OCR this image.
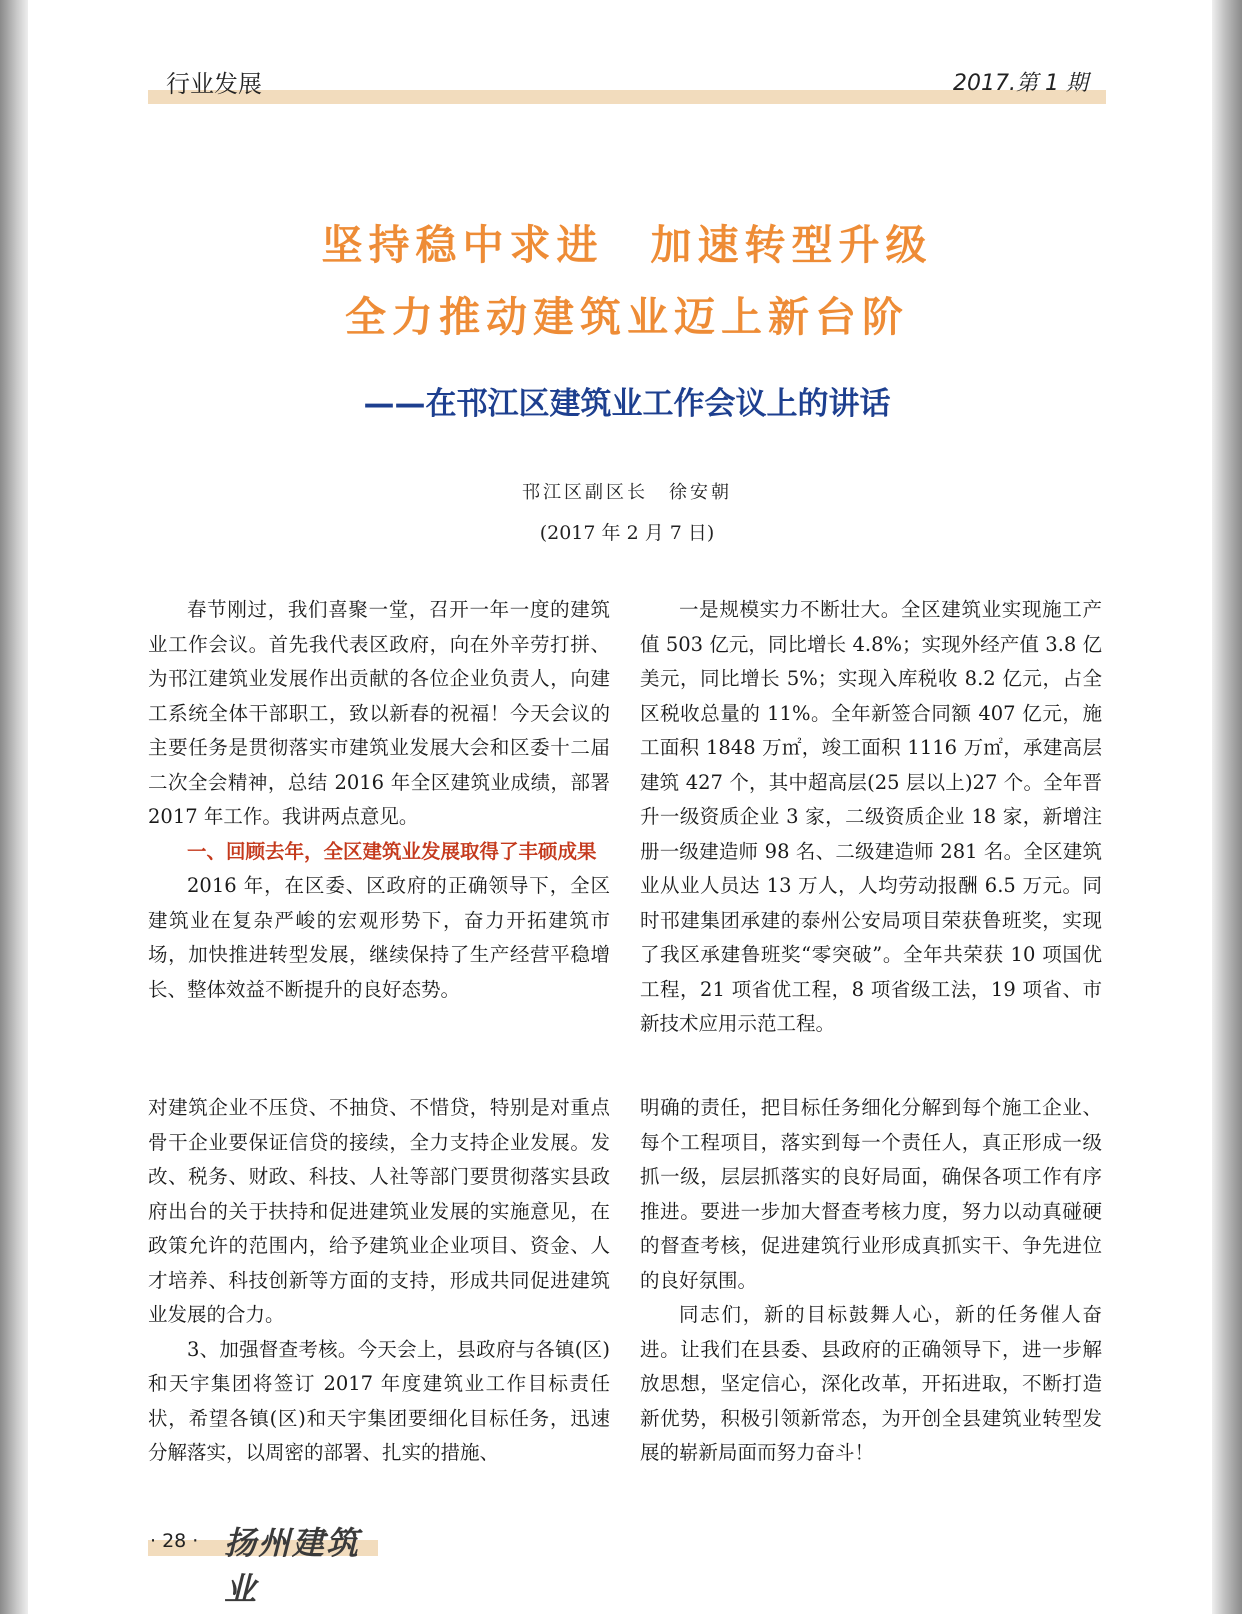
行业发展	2017.第 1 期
坚持稳中求进　加速转型升级
全力推动建筑业迈上新台阶
——在邗江区建筑业工作会议上的讲话
邗江区副区长　徐安朝
(2017 年 2 月 7 日)

春节刚过，我们喜聚一堂，召开一年一度的建筑业工作会议。首先我代表区政府，向在外辛劳打拼、为邗江建筑业发展作出贡献的各位企业负责人，向建工系统全体干部职工，致以新春的祝福！今天会议的主要任务是贯彻落实市建筑业发展大会和区委十二届二次全会精神，总结 2016 年全区建筑业成绩，部署 2017 年工作。我讲两点意见。

一、回顾去年，全区建筑业发展取得了丰硕成果

2016 年，在区委、区政府的正确领导下，全区建筑业在复杂严峻的宏观形势下，奋力开拓建筑市场，加快推进转型发展，继续保持了生产经营平稳增长、整体效益不断提升的良好态势。

一是规模实力不断壮大。全区建筑业实现施工产值 503 亿元，同比增长 4.8%；实现外经产值 3.8 亿美元，同比增长 5%；实现入库税收 8.2 亿元，占全区税收总量的 11%。全年新签合同额 407 亿元，施工面积 1848 万㎡，竣工面积 1116 万㎡，承建高层建筑 427 个，其中超高层(25 层以上)27 个。全年晋升一级资质企业 3 家，二级资质企业 18 家，新增注册一级建造师 98 名、二级建造师 281 名。全区建筑业从业人员达 13 万人，人均劳动报酬 6.5 万元。同时邗建集团承建的泰州公安局项目荣获鲁班奖，实现了我区承建鲁班奖“零突破”。全年共荣获 10 项国优工程，21 项省优工程，8 项省级工法，19 项省、市新技术应用示范工程。

对建筑企业不压贷、不抽贷、不惜贷，特别是对重点骨干企业要保证信贷的接续，全力支持企业发展。发改、税务、财政、科技、人社等部门要贯彻落实县政府出台的关于扶持和促进建筑业发展的实施意见，在政策允许的范围内，给予建筑业企业项目、资金、人才培养、科技创新等方面的支持，形成共同促进建筑业发展的合力。

3、加强督查考核。今天会上，县政府与各镇(区)和天宇集团将签订 2017 年度建筑业工作目标责任状，希望各镇(区)和天宇集团要细化目标任务，迅速分解落实，以周密的部署、扎实的措施、

明确的责任，把目标任务细化分解到每个施工企业、每个工程项目，落实到每一个责任人，真正形成一级抓一级，层层抓落实的良好局面，确保各项工作有序推进。要进一步加大督查考核力度，努力以动真碰硬的督查考核，促进建筑行业形成真抓实干、争先进位的良好氛围。

同志们，新的目标鼓舞人心，新的任务催人奋进。让我们在县委、县政府的正确领导下，进一步解放思想，坚定信心，深化改革，开拓进取，不断打造新优势，积极引领新常态，为开创全县建筑业转型发展的崭新局面而努力奋斗！

· 28 · 扬州建筑业
